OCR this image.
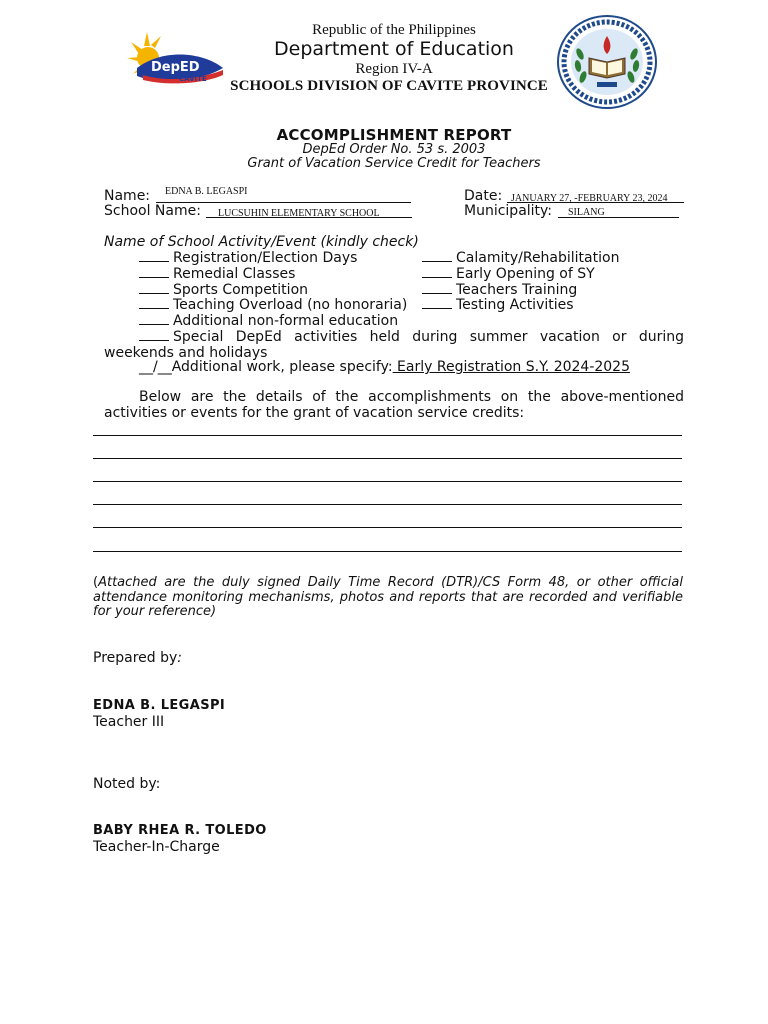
DepED
CAVITE
Republic of the Philippines
Department of Education
Region IV-A
SCHOOLS DIVISION OF CAVITE PROVINCE
ACCOMPLISHMENT REPORT
DepEd Order No. 53 s. 2003
Grant of Vacation Service Credit for Teachers
Name: EDNA B. LEGASPI	Date: JANUARY 27, -FEBRUARY 23, 2024
School Name: LUCSUHIN ELEMENTARY SCHOOL	Municipality: SILANG
Name of School Activity/Event (kindly check)
Registration/Election Days
Remedial Classes
Sports Competition
Teaching Overload (no honoraria)
Additional non-formal education
Calamity/Rehabilitation
Early Opening of SY
Teachers Training
Testing Activities
Special DepEd activities held during summer vacation or during weekends and holidays
__/__Additional work, please specify: Early Registration S.Y. 2024-2025
Below are the details of the accomplishments on the above-mentioned activities or events for the grant of vacation service credits:
(Attached are the duly signed Daily Time Record (DTR)/CS Form 48, or other official attendance monitoring mechanisms, photos and reports that are recorded and verifiable for your reference)
Prepared by:
EDNA B. LEGASPI
Teacher III
Noted by:
BABY RHEA R. TOLEDO
Teacher-In-Charge
